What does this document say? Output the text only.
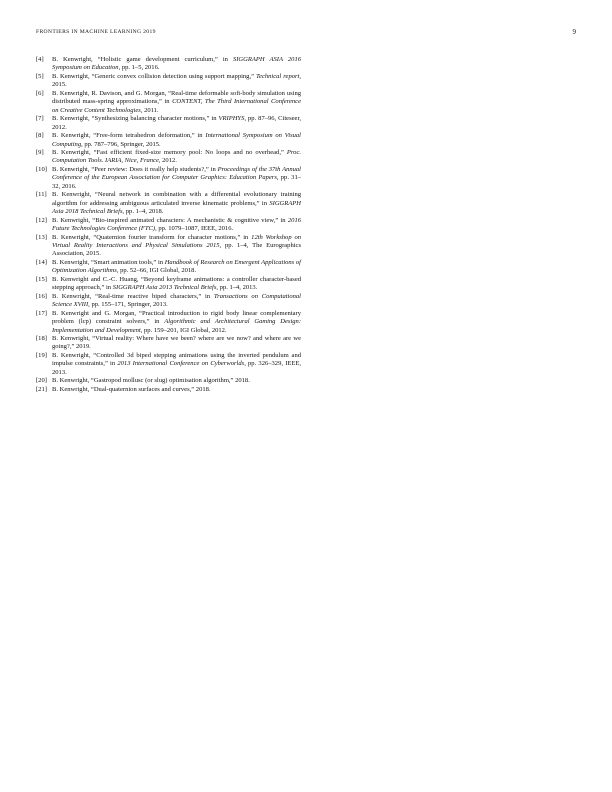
FRONTIERS IN MACHINE LEARNING 2019	9
[4] B. Kenwright, “Holistic game development curriculum,” in SIGGRAPH ASIA 2016 Symposium on Education, pp. 1–5, 2016.
[5] B. Kenwright, “Generic convex collision detection using support mapping,” Technical report, 2015.
[6] B. Kenwright, R. Davison, and G. Morgan, “Real-time deformable soft-body simulation using distributed mass-spring approximations,” in CONTENT, The Third International Conference on Creative Content Technologies, 2011.
[7] B. Kenwright, “Synthesizing balancing character motions,” in VRIPHYS, pp. 87–96, Citeseer, 2012.
[8] B. Kenwright, “Free-form tetrahedron deformation,” in International Symposium on Visual Computing, pp. 787–796, Springer, 2015.
[9] B. Kenwright, “Fast efficient fixed-size memory pool: No loops and no overhead,” Proc. Computation Tools. IARIA, Nice, France, 2012.
[10] B. Kenwright, “Peer review: Does it really help students?,” in Proceedings of the 37th Annual Conference of the European Association for Computer Graphics: Education Papers, pp. 31–32, 2016.
[11] B. Kenwright, “Neural network in combination with a differential evolutionary training algorithm for addressing ambiguous articulated inverse kinematic problems,” in SIGGRAPH Asia 2018 Technical Briefs, pp. 1–4, 2018.
[12] B. Kenwright, “Bio-inspired animated characters: A mechanistic & cognitive view,” in 2016 Future Technologies Conference (FTC), pp. 1079–1087, IEEE, 2016.
[13] B. Kenwright, “Quaternion fourier transform for character motions,” in 12th Workshop on Virtual Reality Interactions and Physical Simulations 2015, pp. 1–4, The Eurographics Association, 2015.
[14] B. Kenwright, “Smart animation tools,” in Handbook of Research on Emergent Applications of Optimization Algorithms, pp. 52–66, IGI Global, 2018.
[15] B. Kenwright and C.-C. Huang, “Beyond keyframe animations: a controller character-based stepping approach,” in SIGGRAPH Asia 2013 Technical Briefs, pp. 1–4, 2013.
[16] B. Kenwright, “Real-time reactive biped characters,” in Transactions on Computational Science XVIII, pp. 155–171, Springer, 2013.
[17] B. Kenwright and G. Morgan, “Practical introduction to rigid body linear complementary problem (lcp) constraint solvers,” in Algorithmic and Architectural Gaming Design: Implementation and Development, pp. 159–201, IGI Global, 2012.
[18] B. Kenwright, “Virtual reality: Where have we been? where are we now? and where are we going?,” 2019.
[19] B. Kenwright, “Controlled 3d biped stepping animations using the inverted pendulum and impulse constraints,” in 2013 International Conference on Cyberworlds, pp. 326–329, IEEE, 2013.
[20] B. Kenwright, “Gastropod mollusc (or slug) optimisation algorithm,” 2018.
[21] B. Kenwright, “Dual-quaternion surfaces and curves,” 2018.
